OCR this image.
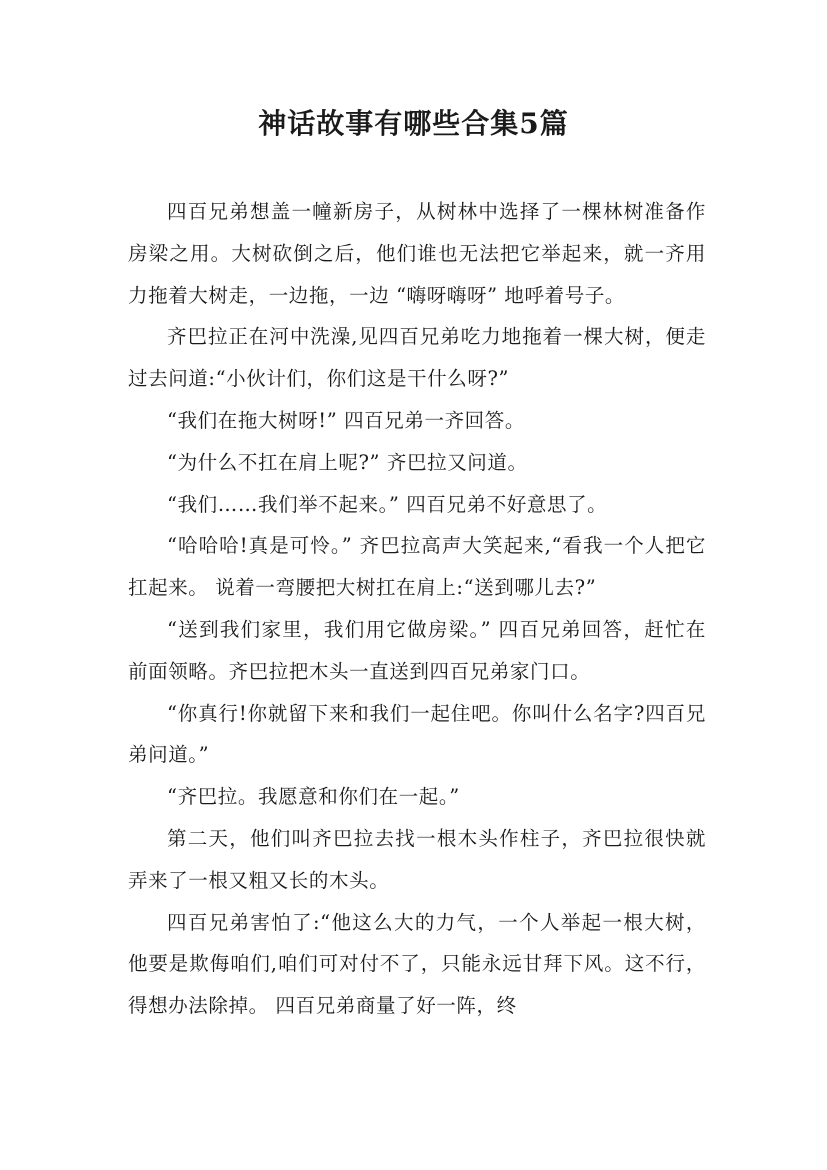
神话故事有哪些合集5篇

四百兄弟想盖一幢新房子，从树林中选择了一棵林树准备作房梁之用。大树砍倒之后，他们谁也无法把它举起来，就一齐用力拖着大树走，一边拖，一边 “嗨呀嗨呀” 地呼着号子。

齐巴拉正在河中洗澡,见四百兄弟吃力地拖着一棵大树，便走过去问道:“小伙计们，你们这是干什么呀?”

“我们在拖大树呀!” 四百兄弟一齐回答。

“为什么不扛在肩上呢?” 齐巴拉又问道。

“我们……我们举不起来。” 四百兄弟不好意思了。

“哈哈哈!真是可怜。” 齐巴拉高声大笑起来,“看我一个人把它扛起来。 说着一弯腰把大树扛在肩上:“送到哪儿去?”

“送到我们家里，我们用它做房梁。” 四百兄弟回答，赶忙在前面领略。齐巴拉把木头一直送到四百兄弟家门口。

“你真行!你就留下来和我们一起住吧。你叫什么名字?四百兄弟问道。”

“齐巴拉。我愿意和你们在一起。”

第二天，他们叫齐巴拉去找一根木头作柱子，齐巴拉很快就弄来了一根又粗又长的木头。

四百兄弟害怕了:“他这么大的力气，一个人举起一根大树，他要是欺侮咱们,咱们可对付不了，只能永远甘拜下风。这不行，得想办法除掉。 四百兄弟商量了好一阵，终
